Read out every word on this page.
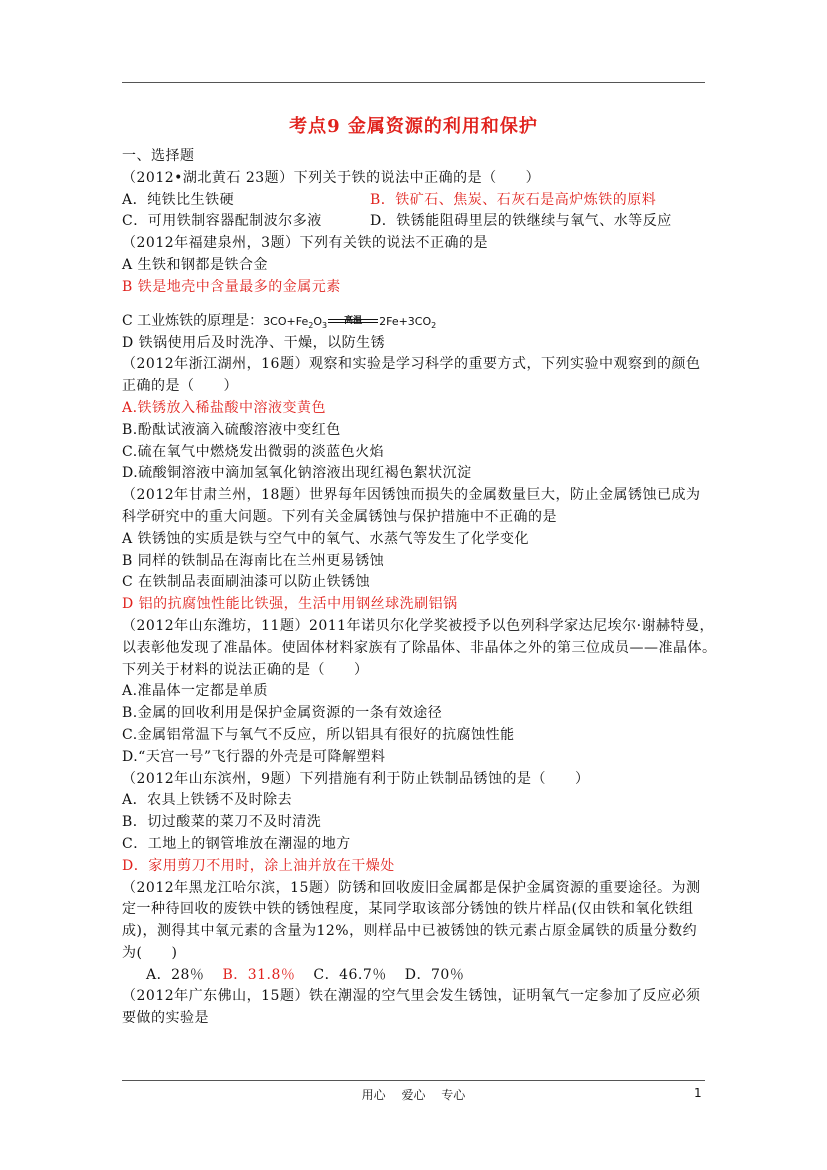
考点9 金属资源的利用和保护
一、选择题
（2012•湖北黄石 23题）下列关于铁的说法中正确的是（　　）
A．纯铁比生铁硬	B．铁矿石、焦炭、石灰石是高炉炼铁的原料
C．可用铁制容器配制波尔多液	D．铁锈能阻碍里层的铁继续与氧气、水等反应
（2012年福建泉州，3题）下列有关铁的说法不正确的是
A 生铁和钢都是铁合金
B 铁是地壳中含量最多的金属元素
C 工业炼铁的原理是：$3CO+Fe_2O_3$	高温	$2Fe+3CO_2$
D 铁锅使用后及时洗净、干燥，以防生锈
（2012年浙江湖州，16题）观察和实验是学习科学的重要方式，下列实验中观察到的颜色
正确的是（　　）
A.铁锈放入稀盐酸中溶液变黄色
B.酚酞试液滴入硫酸溶液中变红色
C.硫在氧气中燃烧发出微弱的淡蓝色火焰
D.硫酸铜溶液中滴加氢氧化钠溶液出现红褐色絮状沉淀
（2012年甘肃兰州，18题）世界每年因锈蚀而损失的金属数量巨大，防止金属锈蚀已成为
科学研究中的重大问题。下列有关金属锈蚀与保护措施中不正确的是
A 铁锈蚀的实质是铁与空气中的氧气、水蒸气等发生了化学变化
B 同样的铁制品在海南比在兰州更易锈蚀
C 在铁制品表面刷油漆可以防止铁锈蚀
D 铝的抗腐蚀性能比铁强，生活中用钢丝球洗刷铝锅
（2012年山东潍坊，11题）2011年诺贝尔化学奖被授予以色列科学家达尼埃尔·谢赫特曼，
以表彰他发现了准晶体。使固体材料家族有了除晶体、非晶体之外的第三位成员——准晶体。
下列关于材料的说法正确的是（　　）
A.准晶体一定都是单质
B.金属的回收利用是保护金属资源的一条有效途径
C.金属铝常温下与氧气不反应，所以铝具有很好的抗腐蚀性能
D.“天宫一号”飞行器的外壳是可降解塑料
（2012年山东滨州，9题）下列措施有利于防止铁制品锈蚀的是（　　）
A．农具上铁锈不及时除去
B．切过酸菜的菜刀不及时清洗
C．工地上的钢管堆放在潮湿的地方
D．家用剪刀不用时，涂上油并放在干燥处
（2012年黑龙江哈尔滨，15题）防锈和回收废旧金属都是保护金属资源的重要途径。为测
定一种待回收的废铁中铁的锈蚀程度，某同学取该部分锈蚀的铁片样品(仅由铁和氧化铁组
成)，测得其中氧元素的含量为12%，则样品中已被锈蚀的铁元素占原金属铁的质量分数约
为(　　)
A．28％ B．31.8％ C．46.7％ D．70％
（2012年广东佛山，15题）铁在潮湿的空气里会发生锈蚀，证明氧气一定参加了反应必须
要做的实验是
用心 爱心 专心	1
